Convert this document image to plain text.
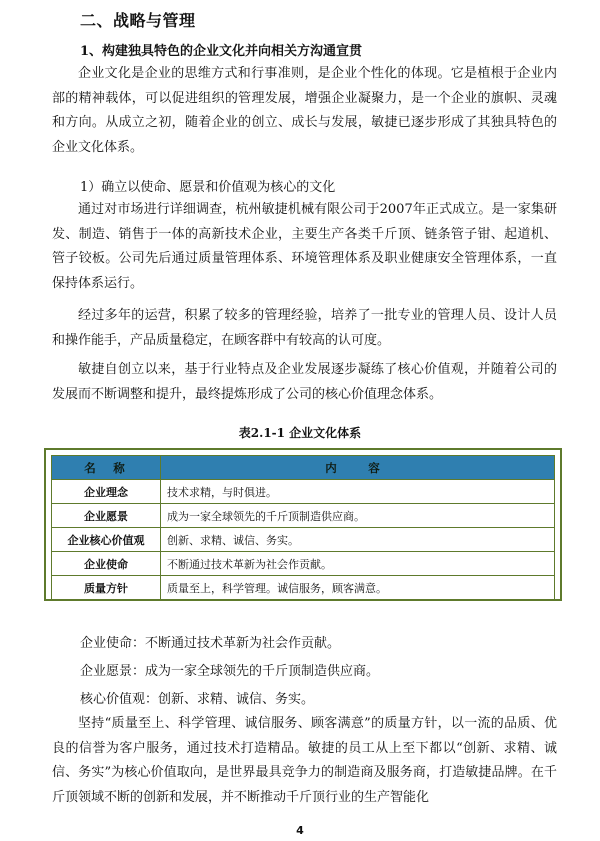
二、战略与管理
1、构建独具特色的企业文化并向相关方沟通宣贯

企业文化是企业的思维方式和行事准则，是企业个性化的体现。它是植根于企业内部的精神载体，可以促进组织的管理发展，增强企业凝聚力，是一个企业的旗帜、灵魂和方向。从成立之初，随着企业的创立、成长与发展，敏捷已逐步形成了其独具特色的企业文化体系。

1）确立以使命、愿景和价值观为核心的文化

通过对市场进行详细调查，杭州敏捷机械有限公司于2007年正式成立。是一家集研发、制造、销售于一体的高新技术企业，主要生产各类千斤顶、链条管子钳、起道机、管子铰板。公司先后通过质量管理体系、环境管理体系及职业健康安全管理体系，一直保持体系运行。

经过多年的运营，积累了较多的管理经验，培养了一批专业的管理人员、设计人员和操作能手，产品质量稳定，在顾客群中有较高的认可度。

敏捷自创立以来，基于行业特点及企业发展逐步凝练了核心价值观，并随着公司的发展而不断调整和提升，最终提炼形成了公司的核心价值理念体系。

表2.1-1 企业文化体系
名　称	内　容
企业理念	技术求精，与时俱进。
企业愿景	成为一家全球领先的千斤顶制造供应商。
企业核心价值观	创新、求精、诚信、务实。
企业使命	不断通过技术革新为社会作贡献。
质量方针	质量至上，科学管理。诚信服务，顾客满意。
企业使命：不断通过技术革新为社会作贡献。
企业愿景：成为一家全球领先的千斤顶制造供应商。
核心价值观：创新、求精、诚信、务实。

坚持“质量至上、科学管理、诚信服务、顾客满意”的质量方针，以一流的品质、优良的信誉为客户服务，通过技术打造精品。敏捷的员工从上至下都以“创新、求精、诚信、务实”为核心价值取向，是世界最具竞争力的制造商及服务商，打造敏捷品牌。在千斤顶领域不断的创新和发展，并不断推动千斤顶行业的生产智能化

4
